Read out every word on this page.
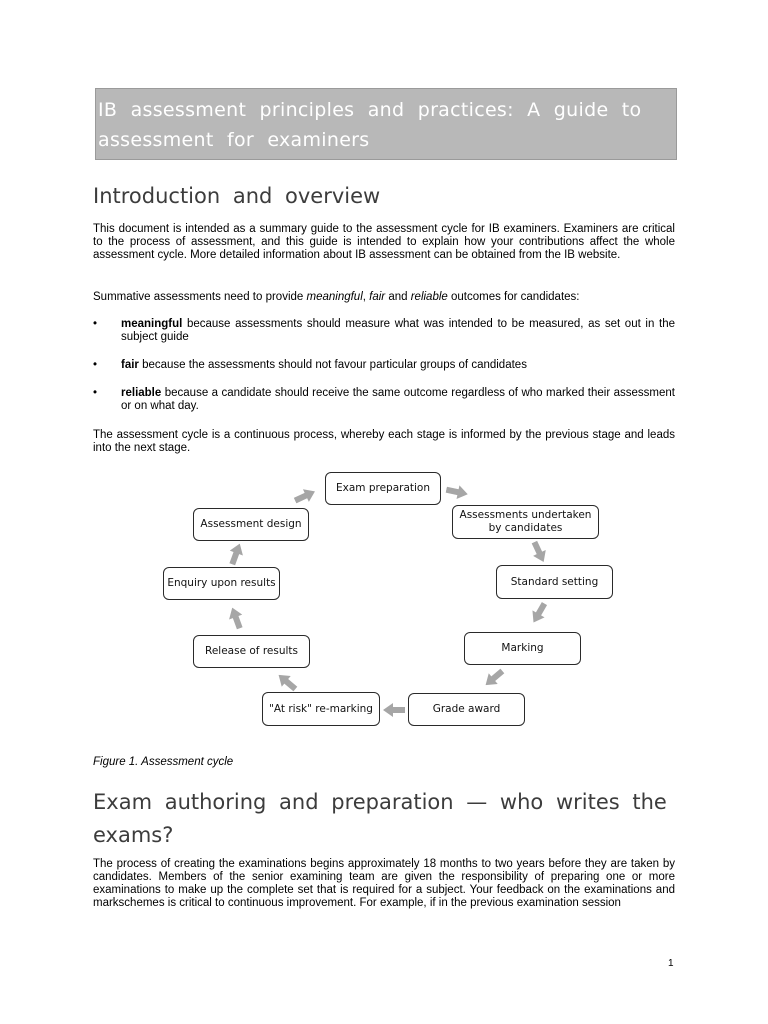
IB assessment principles and practices: A guide to assessment for examiners
Introduction and overview

This document is intended as a summary guide to the assessment cycle for IB examiners. Examiners are critical to the process of assessment, and this guide is intended to explain how your contributions affect the whole assessment cycle. More detailed information about IB assessment can be obtained from the IB website.

Summative assessments need to provide meaningful, fair and reliable outcomes for candidates:

• meaningful because assessments should measure what was intended to be measured, as set out in the subject guide
• fair because the assessments should not favour particular groups of candidates
• reliable because a candidate should receive the same outcome regardless of who marked their assessment or on what day.

The assessment cycle is a continuous process, whereby each stage is informed by the previous stage and leads into the next stage.

Exam preparation
Assessments undertaken by candidates
Standard setting
Marking
Grade award
"At risk" re-marking
Release of results
Enquiry upon results
Assessment design
Figure 1. Assessment cycle
Exam authoring and preparation — who writes the
exams?

The process of creating the examinations begins approximately 18 months to two years before they are taken by candidates. Members of the senior examining team are given the responsibility of preparing one or more examinations to make up the complete set that is required for a subject. Your feedback on the examinations and markschemes is critical to continuous improvement. For example, if in the previous examination session

1
